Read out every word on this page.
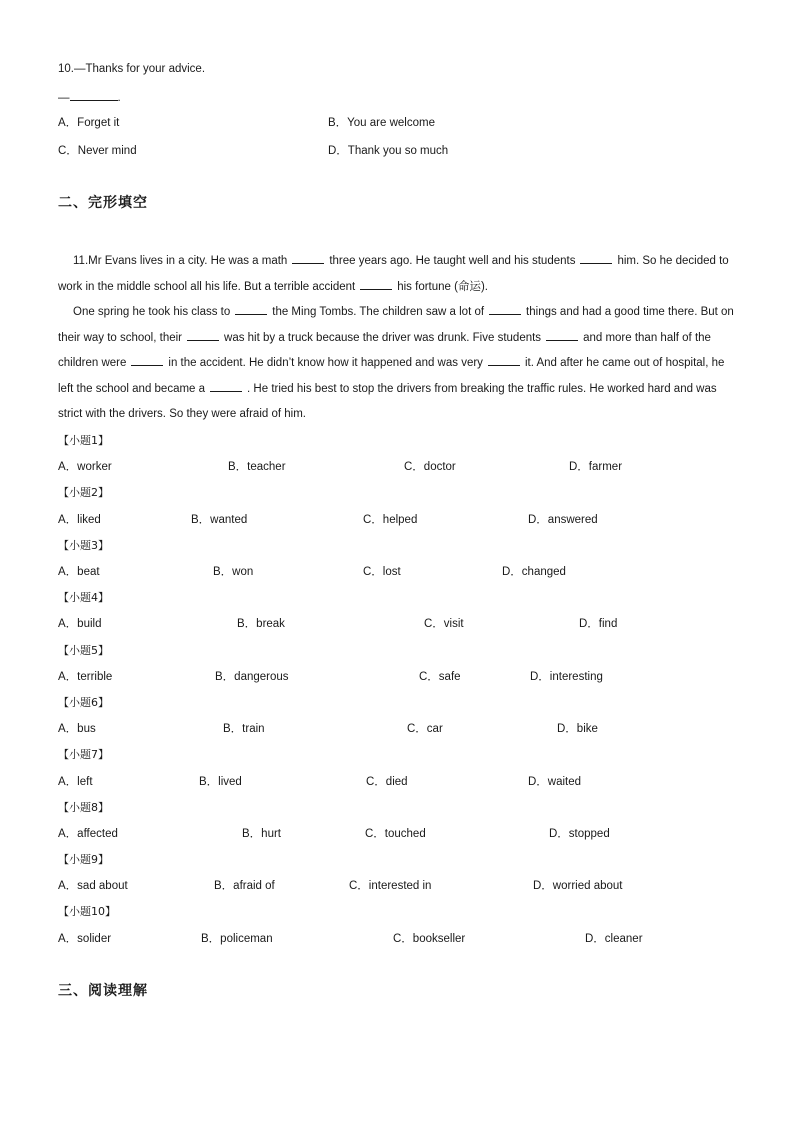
10.—Thanks for your advice.
—	.
A．Forget it	B．You are welcome
C．Never mind	D．Thank you so much
二、完形填空

11.Mr Evans lives in a city. He was a math	three years ago. He taught well and his students	him. So he decided to work in the middle school all his life. But a terrible accident	his fortune (命运).

One spring he took his class to	the Ming Tombs. The children saw a lot of	things and had a good time there. But on their way to school, their	was hit by a truck because the driver was drunk. Five students	and more than half of the children were	in the accident. He didn’t know how it happened and was very	it. And after he came out of hospital, he left the school and became a	. He tried his best to stop the drivers from breaking the traffic rules. He worked hard and was strict with the drivers. So they were afraid of him.

【小题1】
A．worker	B．teacher	C．doctor	D．farmer
【小题2】
A．liked	B．wanted	C．helped	D．answered
【小题3】
A．beat	B．won	C．lost	D．changed
【小题4】
A．build	B．break	C．visit	D．find
【小题5】
A．terrible	B．dangerous	C．safe	D．interesting
【小题6】
A．bus	B．train	C．car	D．bike
【小题7】
A．left	B．lived	C．died	D．waited
【小题8】
A．affected	B．hurt	C．touched	D．stopped
【小题9】
A．sad about	B．afraid of	C．interested in	D．worried about
【小题10】
A．solider	B．policeman	C．bookseller	D．cleaner
三、阅读理解
